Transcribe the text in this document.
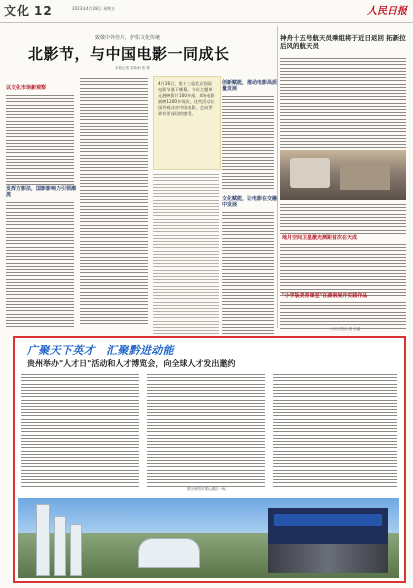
文化 12	2023年4月28日 星期五	人民日报
致敬中外佳片，护佑文化传统
北影节，与中国电影一同成长
本报记者 袁新雨 张 维
以文化市场新观察
发挥方影法，国影影响力引领潮流
4月26日，第十三届北京国际电影节落下帷幕。今年主题单元展映影片100多部，4场电影展映1200多场次，这些活动让国外观众对中国电影，走向世界有更深切的感受。
创新赋能，推动电影高质量发展
文化赋能，让电影在交融中发展
神舟十五号航天员乘组将于近日返回 拓新拉后风的航天员
地月空间卫星激光测距首次在天成
"小学版美育课堂"在湖南展开实践作品
人民日报社 版 主编
广聚天下英才　汇聚黔进动能
贵州举办"人才日"活动和人才博览会，向全球人才发出邀约
图为贵阳市观山湖区一角。
